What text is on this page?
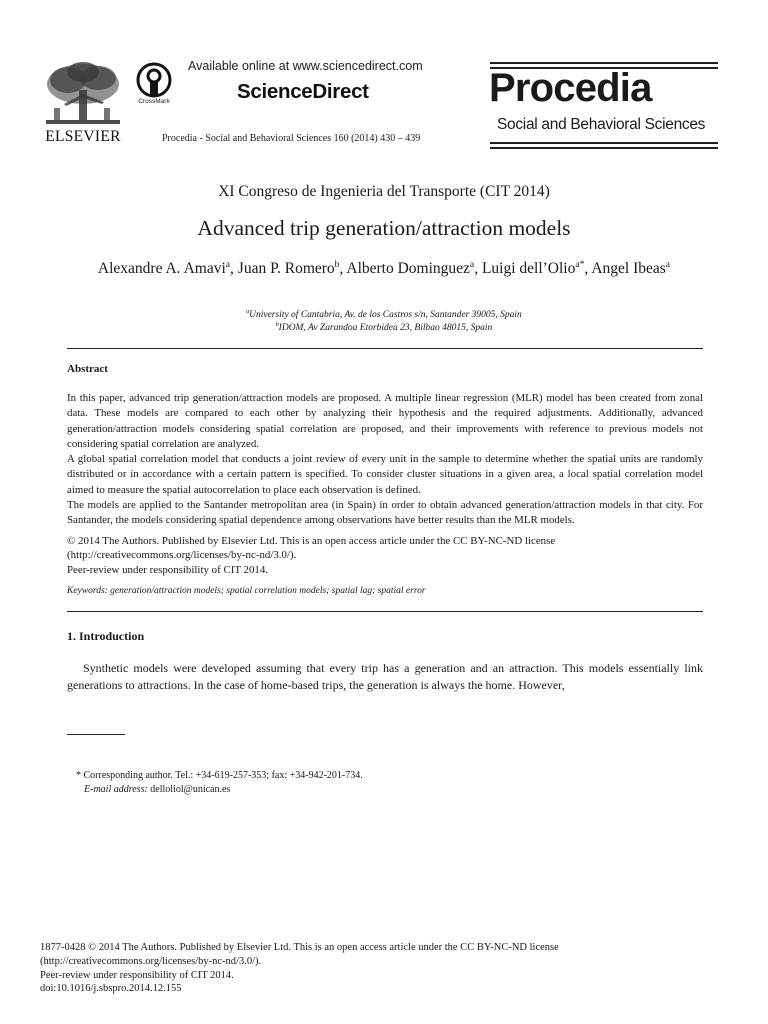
ELSEVIER
CrossMark
Available online at www.sciencedirect.com
ScienceDirect
Procedia - Social and Behavioral Sciences 160 (2014) 430 – 439
Procedia
Social and Behavioral Sciences
XI Congreso de Ingenieria del Transporte (CIT 2014)
Advanced trip generation/attraction models
Alexandre A. Amavi$^a$, Juan P. Romero$^b$, Alberto Dominguez$^a$, Luigi dell’Olio$^{a*}$, Angel Ibeas$^a$
$^a$University of Cantabria, Av. de los Castros s/n, Santander 39005, Spain
$^b$IDOM, Av Zarandoa Etorbidea 23, Bilbao 48015, Spain
Abstract

In this paper, advanced trip generation/attraction models are proposed. A multiple linear regression (MLR) model has been created from zonal data. These models are compared to each other by analyzing their hypothesis and the required adjustments. Additionally, advanced generation/attraction models considering spatial correlation are proposed, and their improvements with reference to previous models not considering spatial correlation are analyzed.

A global spatial correlation model that conducts a joint review of every unit in the sample to determine whether the spatial units are randomly distributed or in accordance with a certain pattern is specified. To consider cluster situations in a given area, a local spatial correlation model aimed to measure the spatial autocorrelation to place each observation is defined.

The models are applied to the Santander metropolitan area (in Spain) in order to obtain advanced generation/attraction models in that city. For Santander, the models considering spatial dependence among observations have better results than the MLR models.

© 2014 The Authors. Published by Elsevier Ltd. This is an open access article under the CC BY-NC-ND license

(http://creativecommons.org/licenses/by-nc-nd/3.0/).

Peer-review under responsibility of CIT 2014.

Keywords: generation/attraction models; spatial correlation models; spatial lag; spatial error
1. Introduction

Synthetic models were developed assuming that every trip has a generation and an attraction. This models essentially link generations to attractions. In the case of home-based trips, the generation is always the home. However,

* Corresponding author. Tel.: +34-619-257-353; fax: +34-942-201-734.
E-mail address: delloliol@unican.es
1877-0428 © 2014 The Authors. Published by Elsevier Ltd. This is an open access article under the CC BY-NC-ND license
(http://creativecommons.org/licenses/by-nc-nd/3.0/).
Peer-review under responsibility of CIT 2014.
doi:10.1016/j.sbspro.2014.12.155
